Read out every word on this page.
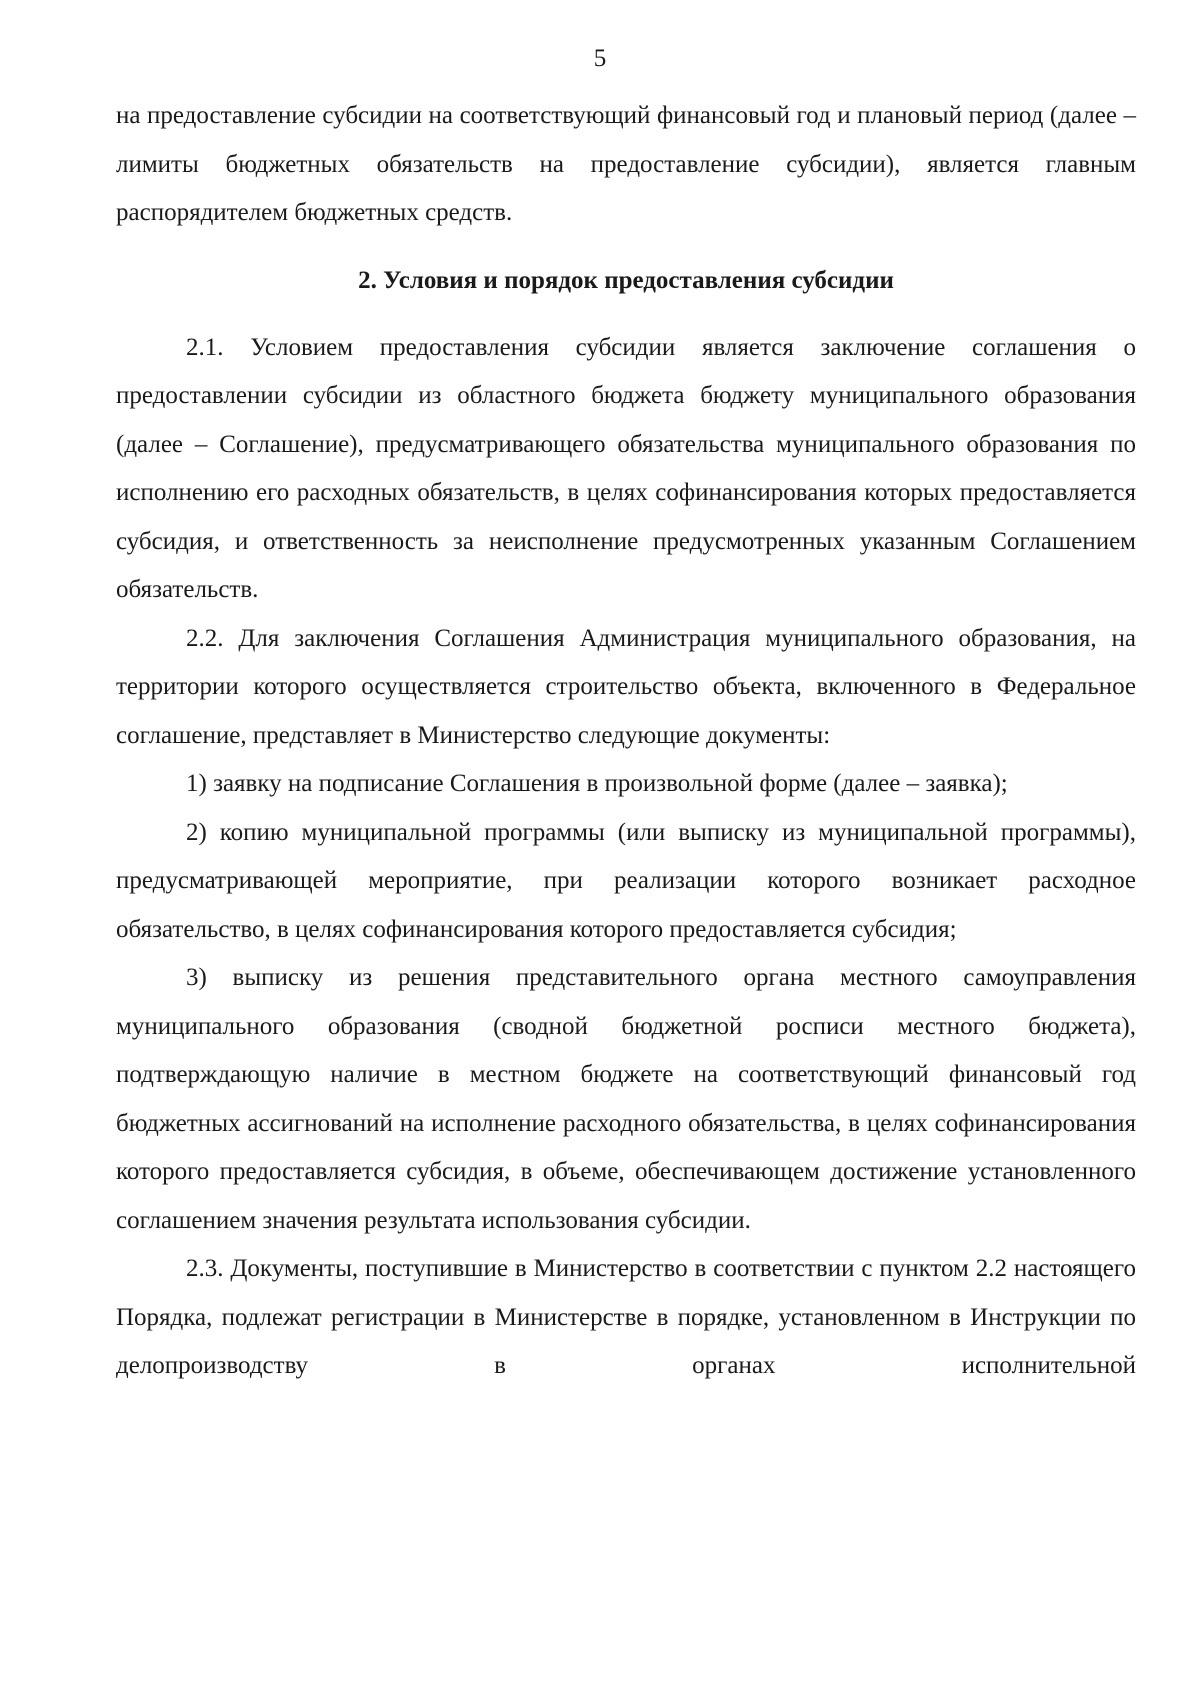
5

на предоставление субсидии на соответствующий финансовый год и плановый период (далее – лимиты бюджетных обязательств на предоставление субсидии), является главным распорядителем бюджетных средств.

2. Условия и порядок предоставления субсидии

2.1. Условием предоставления субсидии является заключение соглашения о предоставлении субсидии из областного бюджета бюджету муниципального образования (далее – Соглашение), предусматривающего обязательства муниципального образования по исполнению его расходных обязательств, в целях софинансирования которых предоставляется субсидия, и ответственность за неисполнение предусмотренных указанным Соглашением обязательств.

2.2. Для заключения Соглашения Администрация муниципального образования, на территории которого осуществляется строительство объекта, включенного в Федеральное соглашение, представляет в Министерство следующие документы:

1) заявку на подписание Соглашения в произвольной форме (далее – заявка);

2) копию муниципальной программы (или выписку из муниципальной программы), предусматривающей мероприятие, при реализации которого возникает расходное обязательство, в целях софинансирования которого предоставляется субсидия;

3) выписку из решения представительного органа местного самоуправления муниципального образования (сводной бюджетной росписи местного бюджета), подтверждающую наличие в местном бюджете на соответствующий финансовый год бюджетных ассигнований на исполнение расходного обязательства, в целях софинансирования которого предоставляется субсидия, в объеме, обеспечивающем достижение установленного соглашением значения результата использования субсидии.

2.3. Документы, поступившие в Министерство в соответствии с пунктом 2.2 настоящего Порядка, подлежат регистрации в Министерстве в порядке, установленном в Инструкции по делопроизводству в органах исполнительной
